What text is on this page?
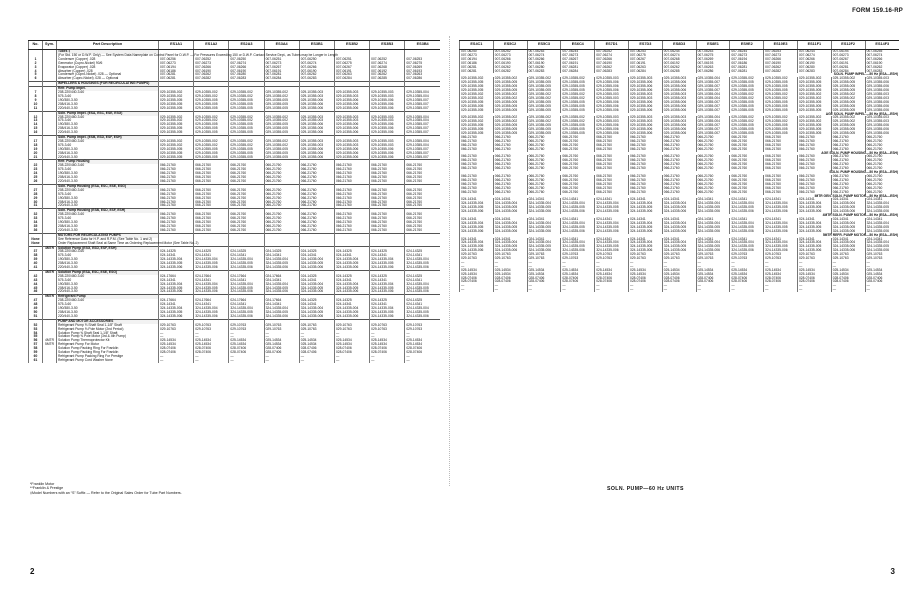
FORM 159.16-RP
No.	Sym.	Part Description	ES1A1	ES1A2	ES2A3	ES3A4	ES3B1	ES3B2	ES3B3	ES3B4
		Tubes ‡								
		(For Std. 150 or D.W.P. Only) — See System Data Nameplate on Control Panel for D.W.P. — For Pressures Exceeding 150 or D.W.P. Contact Service Dept., as Tubes may be Longer in Length								
1		Condenser (Copper) .028	007-06256	007-06252	007-06250	007-06251	007-06250	007-06251	007-06252	007-06253
2		Generator (Cupro-Nickel) 90/6	007-06273	007-06273	007-06274	007-06273	007-06274	007-06275	007-06274	007-06275
3		Evaporator (Copper) .028	007-06194	007-06266	007-06266	007-06267	007-06266	007-06267	007-06268	007-06269
4		Absorber (Copper) .028	007-06186	007-06190	007-06190	007-06191	007-06190	007-06191	007-06192	007-06193
5		Condenser (Cupro-Nickel) .028 — Optional	007-06281	007-06262	007-06280	007-06281	007-06262	007-06263	007-06262	007-06263
6		Absorber (Cupro-Nickel) .028 — Optional	007-06281	007-06282	007-06283	007-06284	007-06283	007-06284	007-06285	007-06286
		IMPELLERS & HOUSINGS (FOR RECIRCULATING PUMPS)								
		Refr. Pump Impel.								
7		208-220/440-3-60	029-10355-002	029-10355-002	029-10355-002	029-10355-002	029-10355-003	029-10355-003	029-10355-003	029-10355-004
8		575-3-60	029-10355-002	029-10355-002	029-10355-002	029-10355-002	029-10355-003	029-10355-003	029-10355-003	029-10355-004
9		190/380-3-50	029-10355-005	029-10355-005	029-10355-005	029-10355-005	029-10355-006	029-10355-006	029-10355-006	029-10355-007
10		208/416-3-50	029-10355-005	029-10355-005	029-10355-005	029-10355-005	029-10355-006	029-10355-006	029-10355-006	029-10355-007
11		220/440-3-50	029-10355-005	029-10355-005	029-10355-005	029-10355-005	029-10355-006	029-10355-006	029-10355-006	029-10355-007
		Soln. Pump Impel. (ESA, ESC, ESE, ESG)								
12		208-220/460-3-60	029-10355-002	029-10355-002	029-10355-002	029-10355-002	029-10355-003	029-10355-003	029-10355-003	029-10355-004
13		575-3-60	029-10355-002	029-10355-002	029-10355-002	029-10355-002	029-10355-003	029-10355-003	029-10355-003	029-10355-004
14		190/380-3-50	029-10355-005	029-10355-005	029-10355-005	029-10355-005	029-10355-006	029-10355-006	029-10355-006	029-10355-007
15		208/416-3-50	029-10355-005	029-10355-005	029-10355-005	029-10355-005	029-10355-006	029-10355-006	029-10355-006	029-10355-007
16		220/440-3-50	029-10355-005	029-10355-005	029-10355-005	029-10355-005	029-10355-006	029-10355-006	029-10355-006	029-10355-007
		Soln. Pump Impel. (ESB, ESD, ESF, ESH)								
17		208-220/460-3-60	029-10355-002	029-10355-002	029-10355-002	029-10355-002	029-10355-003	029-10355-003	029-10355-003	029-10355-004
18		575-3-60	029-10355-002	029-10355-002	029-10355-002	029-10355-002	029-10355-003	029-10355-003	029-10355-003	029-10355-004
19		190/380-3-50	029-10355-005	029-10355-005	029-10355-005	029-10355-005	029-10355-006	029-10355-006	029-10355-006	029-10355-007
20		208/416-3-50	029-10355-005	029-10355-005	029-10355-005	029-10355-005	029-10355-006	029-10355-006	029-10355-006	029-10355-007
21		220/440-3-50	029-10355-005	029-10355-005	029-10355-005	029-10355-005	029-10355-006	029-10355-006	029-10355-006	029-10355-007
		Refr. Pump Housing								
22		208-220/460-3-60	066-21760	066-21760	066-21760	066-21760	066-21760	066-21760	066-21760	066-21760
23		575-3-60	066-21760	066-21760	066-21760	066-21760	066-21760	066-21760	066-21760	066-21760
24		190/380-3-50	066-21760	066-21760	066-21760	066-21760	066-21760	066-21760	066-21760	066-21760
25		208/416-3-50	066-21760	066-21760	066-21760	066-21760	066-21760	066-21760	066-21760	066-21760
26		220/440-3-50	066-21760	066-21760	066-21760	066-21760	066-21760	066-21760	066-21760	066-21760
		Soln. Pump Housing (ESA, ESC, ESE, ESG)								
27		208-220/460-3-60	066-21760	066-21760	066-21760	066-21760	066-21760	066-21760	066-21760	066-21760
28		575-3-60	066-21760	066-21760	066-21760	066-21760	066-21760	066-21760	066-21760	066-21760
29		190/380-3-50	066-21760	066-21760	066-21760	066-21760	066-21760	066-21760	066-21760	066-21760
30		208/416-3-50	066-21760	066-21760	066-21760	066-21760	066-21760	066-21760	066-21760	066-21760
31		220/440-3-50	066-21760	066-21760	066-21760	066-21760	066-21760	066-21760	066-21760	066-21760
		Soln. Pump Housing (ESB, ESD, ESF, ESH)								
32		208-220/460-3-60	066-21760	066-21760	066-21760	066-21760	066-21760	066-21760	066-21760	066-21760
33		575-3-60	066-21760	066-21760	066-21760	066-21760	066-21760	066-21760	066-21760	066-21760
34		190/380-3-50	066-21760	066-21760	066-21760	066-21760	066-21760	066-21760	066-21760	066-21760
35		208/416-3-50	066-21760	066-21760	066-21760	066-21760	066-21760	066-21760	066-21760	066-21760
36		220/440-3-50	066-21760	066-21760	066-21760	066-21760	066-21760	066-21760	066-21760	066-21760
		MOTORS FOR RECIRCULATING PUMPS								
None		See Reference Data for H.P. and R.P.M. (See Table No. 1 and 2)								
None		Order Replacement Shaft Seal at Same Time as Ordering Replacement Motor (See Table No. 2)								
	4MTR	Solution Pump (ESG, ESD, ESF, ESH)								
37		208-220/460-3-60	024-14325	024-14325	024-14325	024-14325	024-14325	024-14325	024-14325	024-14325
38		575-3-60	024-14341	024-14341	024-14341	024-14341	024-14341	024-14341	024-14341	024-14341
39		190/380-3-50	324-14335-004	324-14335-004	324-14335-004	324-14335-004	324-14335-004	324-14335-004	324-14335-004	324-14335-004
40		208/416-3-50	324-14335-005	324-14335-005	324-14335-005	324-14335-005	324-14335-005	324-14335-005	324-14335-005	324-14335-005
41		220/440-3-50	324-14335-006	324-14335-006	324-14335-006	324-14335-006	324-14335-006	324-14335-006	324-14335-006	324-14335-006
	4MTR	Solution Pump (ESA, ESC, ESE, ESG)								
42		208-220/460-3-60	024-17664	024-17664	024-17664	024-17664	024-14325	024-14325	024-14325	024-14325
43		575-3-60	024-14341	024-14341	024-14341	024-14341	024-14341	024-14341	024-14341	024-14341
44		190/380-3-50	324-14335-004	324-14335-004	324-14335-004	324-14335-004	324-14335-004	324-14335-004	324-14335-004	324-14335-004
45		208/416-3-50	324-14335-005	324-14335-005	324-14335-005	324-14335-005	324-14335-005	324-14335-005	324-14335-005	324-14335-005
46		220/440-3-50	324-14335-006	324-14335-006	324-14335-006	324-14335-006	324-14335-006	324-14335-006	324-14335-006	324-14335-006
	5MTR	Refrigerant Pump								
47		208-220/460-3-60	024-17664	024-17664	024-17664	024-17664	024-14325	024-14325	024-14325	024-14325
48		575-3-60	024-14341	024-14341	024-14341	024-14341	024-14341	024-14341	024-14341	024-14341
49		190/380-3-50	324-14335-004	324-14335-004	324-14335-004	324-14335-004	324-14335-004	324-14335-004	324-14335-004	324-14335-004
50		208/416-3-50	324-14335-005	324-14335-005	324-14335-005	324-14335-005	324-14335-005	324-14335-005	324-14335-005	324-14335-005
51		220/440-3-50	324-14335-006	324-14335-006	324-14335-006	324-14335-006	324-14335-006	324-14335-006	324-14335-006	324-14335-006
		PUMP AND MOTOR ACCESSORIES								
52		Refrigerant Pump ⅝ Shaft Seal 1-1/8" Shaft	029-10763	029-10763	029-10763	029-10763	029-10763	029-10763	029-10763	029-10763
53		Refrigerant Pump ⅝ Pole Motor (2nd Period)	029-10763	029-10763	029-10763	029-10763	029-10763	029-10763	029-10763	029-10763
54		Solution Pump ⅝ Shaft Seal 1-1/8" Shaft	—	—	—	—	—	—	—	—
55		Solution Pump ⅝ Pole Motor (3rd & 4th Pump)	—	—	—	—	—	—	—	—
56	4MTR	Solution Pump Thermoprotector Kit	025-14534	025-14534	025-14534	025-14534	025-14534	025-14534	025-14534	025-14534
57	5MTR	Refrigerant Pump For Motor	025-14534	025-14534	025-14534	025-14534	025-14534	025-14534	025-14534	025-14534
58		Solution Pump Packing Ring For Franklin	028-07406	028-07406	028-07406	028-07406	028-07406	028-07406	028-07406	028-07406
59		Solution Pump Packing Ring For Franklin	028-07406	028-07406	028-07406	028-07406	028-07406	028-07406	028-07406	028-07406
60		Refrigerant Pump Packing Ring For Prestige	—	—	—	—	—	—	—	—
61		Refrigerant Pump Cord Washer None	—	—	—	—	—	—	—	—
ES4C1	ES5C2	ES5C3	ES6C4	ES7D1	ES7D3	ES8D3	ES8E1	ES9E2	ES10E3	ES11F1	ES12F2	ES14F3

007-06250	007-06252	007-06253	007-06244	007-06252	007-06253	007-06244	007-06253	007-06244	007-06253	007-06244	007-06194	007-06255
007-06273	007-06273	007-06274	007-06273	007-06274	007-06275	007-06274	007-06275	007-06273	007-06273	007-06274	007-06273	007-06274
007-06194	007-06266	007-06266	007-06267	007-06266	007-06267	007-06268	007-06269	007-06194	007-06266	007-06266	007-06267	007-06266
007-06186	007-06190	007-06190	007-06191	007-06190	007-06191	007-06192	007-06193	007-06186	007-06190	007-06190	007-06191	007-06190
007-06281	007-06262	007-06280	007-06281	007-06262	007-06263	007-06262	007-06263	007-06281	007-06262	007-06280	007-06281	007-06262
007-06281	007-06282	007-06283	007-06284	007-06283	007-06284	007-06285	007-06286	007-06281	007-06282	007-06283	007-06284	007-06283

SOLN. PUMP IMPEL.—50 Hz (ESA—ESH)												
029-10355-002	029-10355-002	029-10355-002	029-10355-002	029-10355-003	029-10355-003	029-10355-003	029-10355-004	029-10355-002	029-10355-002	029-10355-002	029-10355-002	029-10355-003
029-10355-005	029-10355-005	029-10355-005	029-10355-005	029-10355-006	029-10355-006	029-10355-006	029-10355-007	029-10355-005	029-10355-005	029-10355-005	029-10355-005	029-10355-006
029-10355-005	029-10355-005	029-10355-005	029-10355-005	029-10355-006	029-10355-006	029-10355-006	029-10355-007	029-10355-005	029-10355-005	029-10355-005	029-10355-005	029-10355-006
029-10355-005	029-10355-005	029-10355-005	029-10355-005	029-10355-006	029-10355-006	029-10355-006	029-10355-007	029-10355-005	029-10355-005	029-10355-005	029-10355-005	029-10355-006

029-10355-002	029-10355-002	029-10355-002	029-10355-002	029-10355-003	029-10355-003	029-10355-003	029-10355-004	029-10355-002	029-10355-002	029-10355-002	029-10355-002	029-10355-003
029-10355-002	029-10355-002	029-10355-002	029-10355-002	029-10355-003	029-10355-003	029-10355-003	029-10355-004	029-10355-002	029-10355-002	029-10355-002	029-10355-002	029-10355-003
029-10355-005	029-10355-005	029-10355-005	029-10355-005	029-10355-006	029-10355-006	029-10355-006	029-10355-007	029-10355-005	029-10355-005	029-10355-005	029-10355-005	029-10355-006
029-10355-005	029-10355-005	029-10355-005	029-10355-005	029-10355-006	029-10355-006	029-10355-006	029-10355-007	029-10355-005	029-10355-005	029-10355-005	029-10355-005	029-10355-006
029-10355-005	029-10355-005	029-10355-005	029-10355-005	029-10355-006	029-10355-006	029-10355-006	029-10355-007	029-10355-005	029-10355-005	029-10355-005	029-10355-005	029-10355-006
AGE SOLN. PUMP IMPEL.—50 Hz (ESA—ESH)												
029-10355-002	029-10355-002	029-10355-002	029-10355-002	029-10355-003	029-10355-003	029-10355-003	029-10355-004	029-10355-002	029-10355-002	029-10355-002	029-10355-002	029-10355-003
029-10355-002	029-10355-002	029-10355-002	029-10355-002	029-10355-003	029-10355-003	029-10355-003	029-10355-004	029-10355-002	029-10355-002	029-10355-002	029-10355-002	029-10355-003
029-10355-005	029-10355-005	029-10355-005	029-10355-005	029-10355-006	029-10355-006	029-10355-006	029-10355-007	029-10355-005	029-10355-005	029-10355-005	029-10355-005	029-10355-006
029-10355-005	029-10355-005	029-10355-005	029-10355-005	029-10355-006	029-10355-006	029-10355-006	029-10355-007	029-10355-005	029-10355-005	029-10355-005	029-10355-005	029-10355-006
029-10355-005	029-10355-005	029-10355-005	029-10355-005	029-10355-006	029-10355-006	029-10355-006	029-10355-007	029-10355-005	029-10355-005	029-10355-005	029-10355-005	029-10355-006

066-21760	066-21760	066-21760	066-21760	066-21760	066-21760	066-21760	066-21760	066-21760	066-21760	066-21760	066-21760	066-21760
066-21760	066-21760	066-21760	066-21760	066-21760	066-21760	066-21760	066-21760	066-21760	066-21760	066-21760	066-21760	066-21760
066-21760	066-21760	066-21760	066-21760	066-21760	066-21760	066-21760	066-21760	066-21760	066-21760	066-21760	066-21760	066-21760
066-21760	066-21760	066-21760	066-21760	066-21760	066-21760	066-21760	066-21760	066-21760	066-21760	066-21760	066-21760	066-21760
AGE SOLN. PUMP HOUSING—50 Hz (ESA—ESH)												

066-21760	066-21760	066-21760	066-21760	066-21760	066-21760	066-21760	066-21760	066-21760	066-21760	066-21760	066-21760	066-21760
066-21760	066-21760	066-21760	066-21760	066-21760	066-21760	066-21760	066-21760	066-21760	066-21760	066-21760	066-21760	066-21760
066-21760	066-21760	066-21760	066-21760	066-21760	066-21760	066-21760	066-21760	066-21760	066-21760	066-21760	066-21760	066-21760
066-21760	066-21760	066-21760	066-21760	066-21760	066-21760	066-21760	066-21760	066-21760	066-21760	066-21760	066-21760	066-21760
SOLN. PUMP HOUSING—50 Hz (ESA—ESH)												

066-21760	066-21760	066-21760	066-21760	066-21760	066-21760	066-21760	066-21760	066-21760	066-21760	066-21760	066-21760	066-21760
066-21760	066-21760	066-21760	066-21760	066-21760	066-21760	066-21760	066-21760	066-21760	066-21760	066-21760	066-21760	066-21760
066-21760	066-21760	066-21760	066-21760	066-21760	066-21760	066-21760	066-21760	066-21760	066-21760	066-21760	066-21760	066-21760
066-21760	066-21760	066-21760	066-21760	066-21760	066-21760	066-21760	066-21760	066-21760	066-21760	066-21760	066-21760	066-21760
066-21760	066-21760	066-21760	066-21760	066-21760	066-21760	066-21760	066-21760	066-21760	066-21760	066-21760	066-21760	066-21760

IMTR GEN. SOLN. PUMP MOTOR—50 Hz (ESA—ESH)												
024-14341	024-14341	024-14341	024-14341	024-14341	024-14341	024-14341	024-14341	024-14341	024-14341	024-14341	024-14341	024-14341
324-14335-004	324-14335-004	324-14335-004	324-14335-004	324-14335-004	324-14335-004	324-14335-004	324-14335-004	324-14335-004	324-14335-004	324-14335-004	324-14335-004	324-14335-004
324-14335-005	324-14335-005	324-14335-005	324-14335-005	324-14335-005	324-14335-005	324-14335-005	324-14335-005	324-14335-005	324-14335-005	324-14335-005	324-14335-005	324-14335-005
324-14335-006	324-14335-006	324-14335-006	324-14335-006	324-14335-006	324-14335-006	324-14335-006	324-14335-006	324-14335-006	324-14335-006	324-14335-006	324-14335-006	324-14335-006

4MTR SOLN. PUMP MOTOR—50 Hz (ESA—ESH)												
024-14341	024-14341	024-14341	024-14341	024-14341	024-14341	024-14341	024-14341	024-14341	024-14341	024-14341	024-14341	024-14341
324-14335-004	324-14335-004	324-14335-004	324-14335-004	324-14335-004	324-14335-004	324-14335-004	324-14335-004	324-14335-004	324-14335-004	324-14335-004	324-14335-004	324-14335-004
324-14335-005	324-14335-005	324-14335-005	324-14335-005	324-14335-005	324-14335-005	324-14335-005	324-14335-005	324-14335-005	324-14335-005	324-14335-005	324-14335-005	324-14335-005
324-14335-006	324-14335-006	324-14335-006	324-14335-006	324-14335-006	324-14335-006	324-14335-006	324-14335-006	324-14335-006	324-14335-006	324-14335-006	324-14335-006	324-14335-006

5MTR REFR. PUMP MOTOR—50 Hz (ESA—ESH)												
024-14341	024-14341	024-14341	024-14341	024-14341	024-14341	024-14341	024-14341	024-14341	024-14341	024-14341	024-14341	024-14341
324-14335-004	324-14335-004	324-14335-004	324-14335-004	324-14335-004	324-14335-004	324-14335-004	324-14335-004	324-14335-004	324-14335-004	324-14335-004	324-14335-004	324-14335-004
324-14335-005	324-14335-005	324-14335-005	324-14335-005	324-14335-005	324-14335-005	324-14335-005	324-14335-005	324-14335-005	324-14335-005	324-14335-005	324-14335-005	324-14335-005
324-14335-006	324-14335-006	324-14335-006	324-14335-006	324-14335-006	324-14335-006	324-14335-006	324-14335-006	324-14335-006	324-14335-006	324-14335-006	324-14335-006	324-14335-006

029-10763	029-10763	029-10763	029-10763	029-10763	029-10763	029-10763	029-10763	029-10763	029-10763	029-10763	029-10763	029-10763
029-10763	029-10763	029-10763	029-10763	029-10763	029-10763	029-10763	029-10763	029-10763	029-10763	029-10763	029-10763	029-10763
—	—	—	—	—	—	—	—	—	—	—	—	—
—	—	—	—	—	—	—	—	—	—	—	—	—
025-14534	025-14534	025-14534	025-14534	025-14534	025-14534	025-14534	025-14534	025-14534	025-14534	025-14534	025-14534	025-14534
025-14534	025-14534	025-14534	025-14534	025-14534	025-14534	025-14534	025-14534	025-14534	025-14534	025-14534	025-14534	025-14534
028-07406	028-07406	028-07406	028-07406	028-07406	028-07406	028-07406	028-07406	028-07406	028-07406	028-07406	028-07406	028-07406
028-07406	028-07406	028-07406	028-07406	028-07406	028-07406	028-07406	028-07406	028-07406	028-07406	028-07406	028-07406	028-07406
—	—	—	—	—	—	—	—	—	—	—	—	—
—	—	—	—	—	—	—	—	—	—	—	—	—
*Franklin Motor
**Franklin & Prestige
‡Model Numbers with an “S” Suffix — Refer to the Original Sales Order for Tube Part Numbers.
SOLN. PUMP—60 Hz UNITS
2	3
